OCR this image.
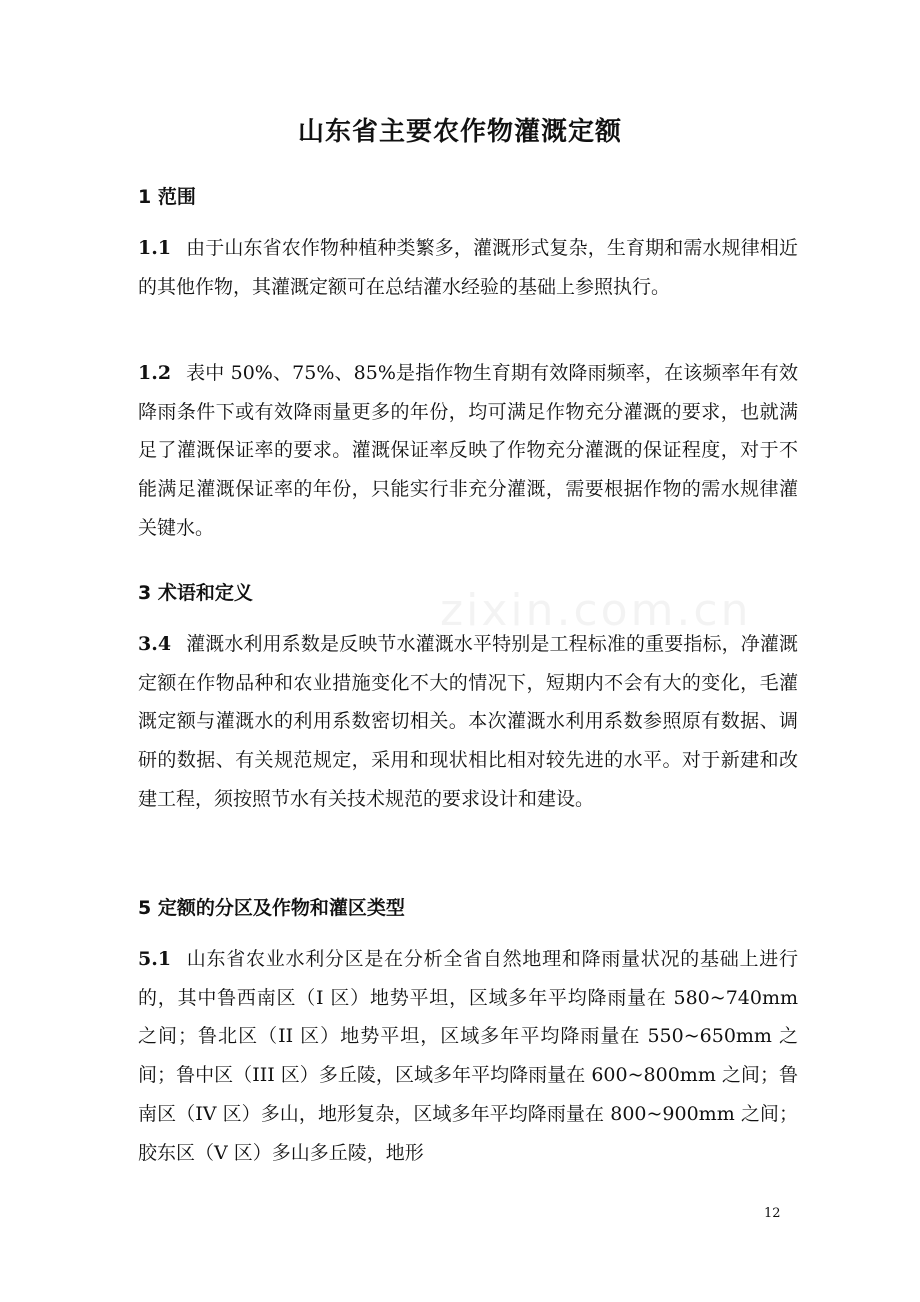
山东省主要农作物灌溉定额
1 范围

1.1 由于山东省农作物种植种类繁多，灌溉形式复杂，生育期和需水规律相近的其他作物，其灌溉定额可在总结灌水经验的基础上参照执行。

1.2 表中 50%、75%、85%是指作物生育期有效降雨频率，在该频率年有效降雨条件下或有效降雨量更多的年份，均可满足作物充分灌溉的要求，也就满足了灌溉保证率的要求。灌溉保证率反映了作物充分灌溉的保证程度，对于不能满足灌溉保证率的年份，只能实行非充分灌溉，需要根据作物的需水规律灌关键水。

3 术语和定义

3.4 灌溉水利用系数是反映节水灌溉水平特别是工程标准的重要指标，净灌溉定额在作物品种和农业措施变化不大的情况下，短期内不会有大的变化，毛灌溉定额与灌溉水的利用系数密切相关。本次灌溉水利用系数参照原有数据、调研的数据、有关规范规定，采用和现状相比相对较先进的水平。对于新建和改建工程，须按照节水有关技术规范的要求设计和建设。

5 定额的分区及作物和灌区类型

5.1 山东省农业水利分区是在分析全省自然地理和降雨量状况的基础上进行的，其中鲁西南区（I 区）地势平坦，区域多年平均降雨量在 580~740mm 之间；鲁北区（II 区）地势平坦，区域多年平均降雨量在 550~650mm 之间；鲁中区（III 区）多丘陵，区域多年平均降雨量在 600~800mm 之间；鲁南区（IV 区）多山，地形复杂，区域多年平均降雨量在 800~900mm 之间；胶东区（V 区）多山多丘陵，地形

zixin.com.cn
12
